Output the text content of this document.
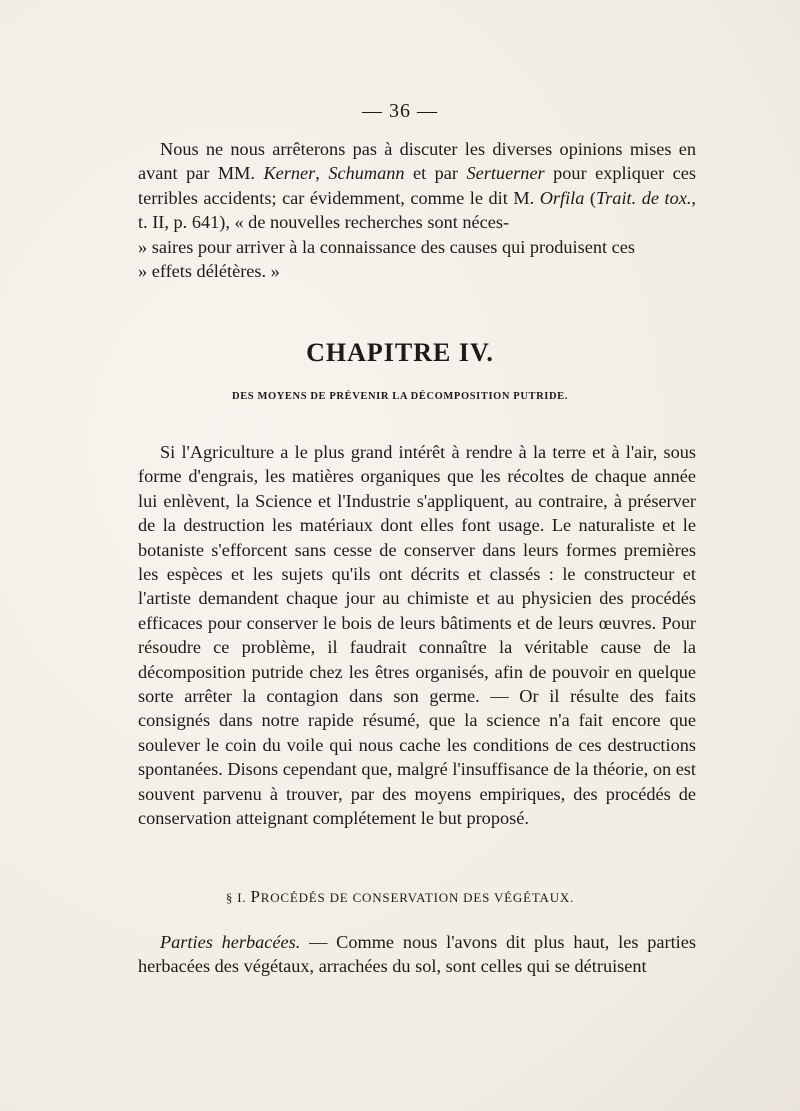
— 36 —

Nous ne nous arrêterons pas à discuter les diverses opinions mises en avant par MM. Kerner, Schumann et par Sertuerner pour expliquer ces terribles accidents; car évidemment, comme le dit M. Orfila (Trait. de tox., t. II, p. 641), « de nouvelles recherches sont néces-

» saires pour arriver à la connaissance des causes qui produisent ces
» effets délétères. »
CHAPITRE IV.
DES MOYENS DE PRÉVENIR LA DÉCOMPOSITION PUTRIDE.

Si l'Agriculture a le plus grand intérêt à rendre à la terre et à l'air, sous forme d'engrais, les matières organiques que les récoltes de chaque année lui enlèvent, la Science et l'Industrie s'appliquent, au contraire, à préserver de la destruction les matériaux dont elles font usage. Le naturaliste et le botaniste s'efforcent sans cesse de conserver dans leurs formes premières les espèces et les sujets qu'ils ont décrits et classés : le constructeur et l'artiste demandent chaque jour au chimiste et au physicien des procédés efficaces pour conserver le bois de leurs bâtiments et de leurs œuvres. Pour résoudre ce problème, il faudrait connaître la véritable cause de la décomposition putride chez les êtres organisés, afin de pouvoir en quelque sorte arrêter la contagion dans son germe. — Or il résulte des faits consignés dans notre rapide résumé, que la science n'a fait encore que soulever le coin du voile qui nous cache les conditions de ces destructions spontanées. Disons cependant que, malgré l'insuffisance de la théorie, on est souvent parvenu à trouver, par des moyens empiriques, des procédés de conservation atteignant complétement le but proposé.

§ I. PROCÉDÉS DE CONSERVATION DES VÉGÉTAUX.

Parties herbacées. — Comme nous l'avons dit plus haut, les parties herbacées des végétaux, arrachées du sol, sont celles qui se détruisent
